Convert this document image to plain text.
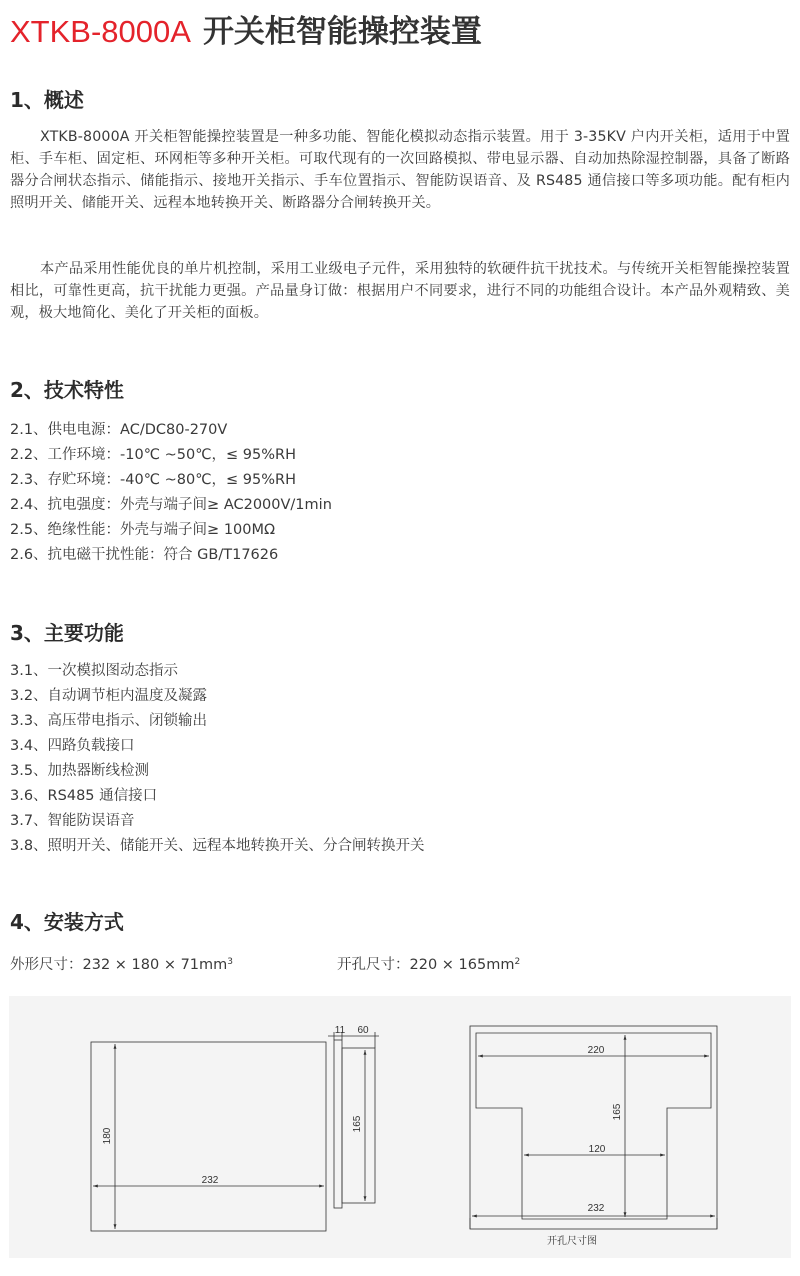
XTKB-8000A 开关柜智能操控装置
1、概述

XTKB-8000A 开关柜智能操控装置是一种多功能、智能化模拟动态指示装置。用于 3-35KV 户内开关柜，适用于中置柜、手车柜、固定柜、环网柜等多种开关柜。可取代现有的一次回路模拟、带电显示器、自动加热除湿控制器，具备了断路器分合闸状态指示、储能指示、接地开关指示、手车位置指示、智能防误语音、及 RS485 通信接口等多项功能。配有柜内照明开关、储能开关、远程本地转换开关、断路器分合闸转换开关。

本产品采用性能优良的单片机控制，采用工业级电子元件，采用独特的软硬件抗干扰技术。与传统开关柜智能操控装置相比，可靠性更高，抗干扰能力更强。产品量身订做：根据用户不同要求，进行不同的功能组合设计。本产品外观精致、美观，极大地简化、美化了开关柜的面板。

2、技术特性
2.1、供电电源：AC/DC80-270V
2.2、工作环境：-10℃ ~50℃，≤ 95%RH
2.3、存贮环境：-40℃ ~80℃，≤ 95%RH
2.4、抗电强度：外壳与端子间≥ AC2000V/1min
2.5、绝缘性能：外壳与端子间≥ 100MΩ
2.6、抗电磁干扰性能：符合 GB/T17626
3、主要功能
3.1、一次模拟图动态指示
3.2、自动调节柜内温度及凝露
3.3、高压带电指示、闭锁输出
3.4、四路负载接口
3.5、加热器断线检测
3.6、RS485 通信接口
3.7、智能防误语音
3.8、照明开关、储能开关、远程本地转换开关、分合闸转换开关
4、安装方式
外形尺寸：$232 \times 180 \times 71mm^3$	开孔尺寸：$220 \times 165mm^2$
180
232
11 60
165
220
120
165
232
开孔尺寸图
